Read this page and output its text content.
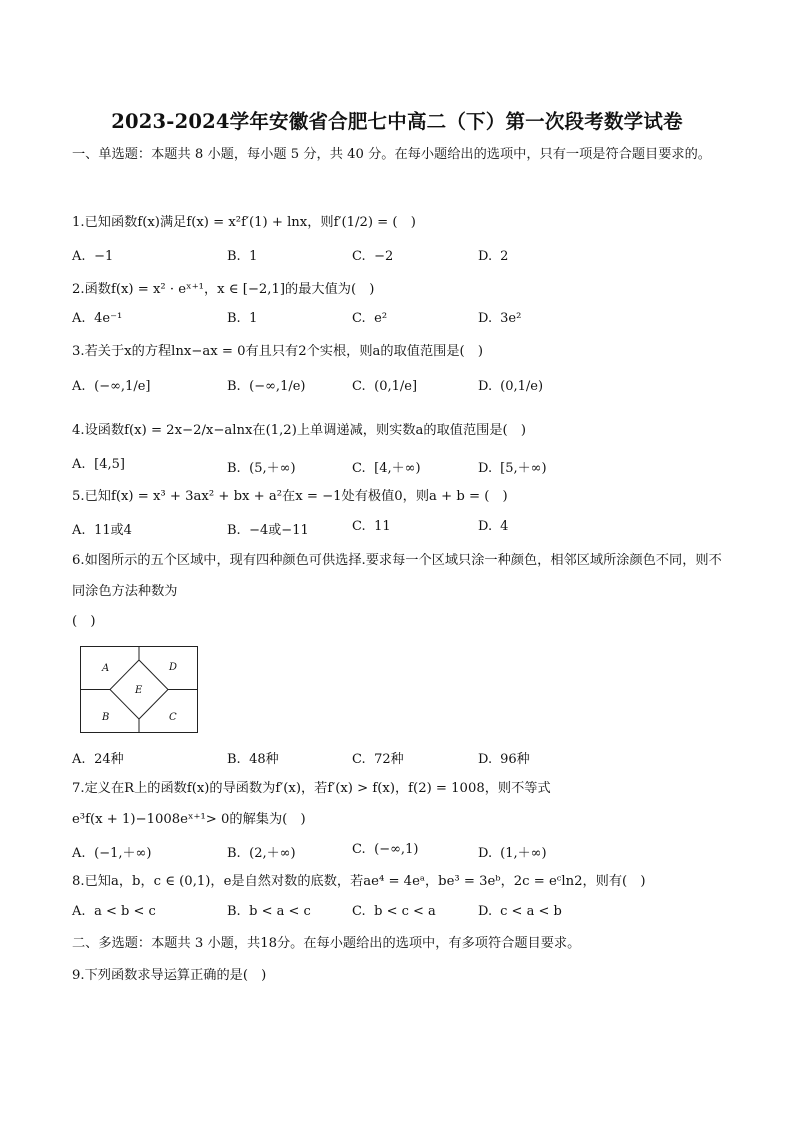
2023-2024学年安徽省合肥七中高二（下）第一次段考数学试卷

一、单选题：本题共 8 小题，每小题 5 分，共 40 分。在每小题给出的选项中，只有一项是符合题目要求的。

1.已知函数f(x)满足f(x) = x²f′(1) + lnx，则f′(1/2) = (　)

A. −1	B. 1	C. −2	D. 2

2.函数f(x) = x² · eˣ⁺¹，x ∈ [−2,1]的最大值为(　)

A. 4e⁻¹	B. 1	C. e²	D. 3e²

3.若关于x的方程lnx−ax = 0有且只有2个实根，则a的取值范围是(　)

A. (−∞,1/e]	B. (−∞,1/e)	C. (0,1/e]	D. (0,1/e)

4.设函数f(x) = 2x−2/x−alnx在(1,2)上单调递减，则实数a的取值范围是(　)

A. [4,5]	B. (5,＋∞)	C. [4,＋∞)	D. [5,＋∞)

5.已知f(x) = x³ + 3ax² + bx + a²在x = −1处有极值0，则a + b = (　)

A. 11或4	B. −4或−11	C. 11	D. 4

6.如图所示的五个区域中，现有四种颜色可供选择.要求每一个区域只涂一种颜色，相邻区域所涂颜色不同，则不同涂色方法种数为

(　)

A	D
E
B	C
A. 24种	B. 48种	C. 72种	D. 96种

7.定义在R上的函数f(x)的导函数为f′(x)，若f′(x) > f(x)，f(2) = 1008，则不等式

e³f(x + 1)−1008eˣ⁺¹> 0的解集为(　)

A. (−1,＋∞)	B. (2,＋∞)	C. (−∞,1)	D. (1,＋∞)

8.已知a，b，c ∈ (0,1)，e是自然对数的底数，若ae⁴ = 4eᵃ，be³ = 3eᵇ，2c = eᶜln2，则有(　)

A. a < b < c	B. b < a < c	C. b < c < a	D. c < a < b

二、多选题：本题共 3 小题，共18分。在每小题给出的选项中，有多项符合题目要求。

9.下列函数求导运算正确的是(　)
